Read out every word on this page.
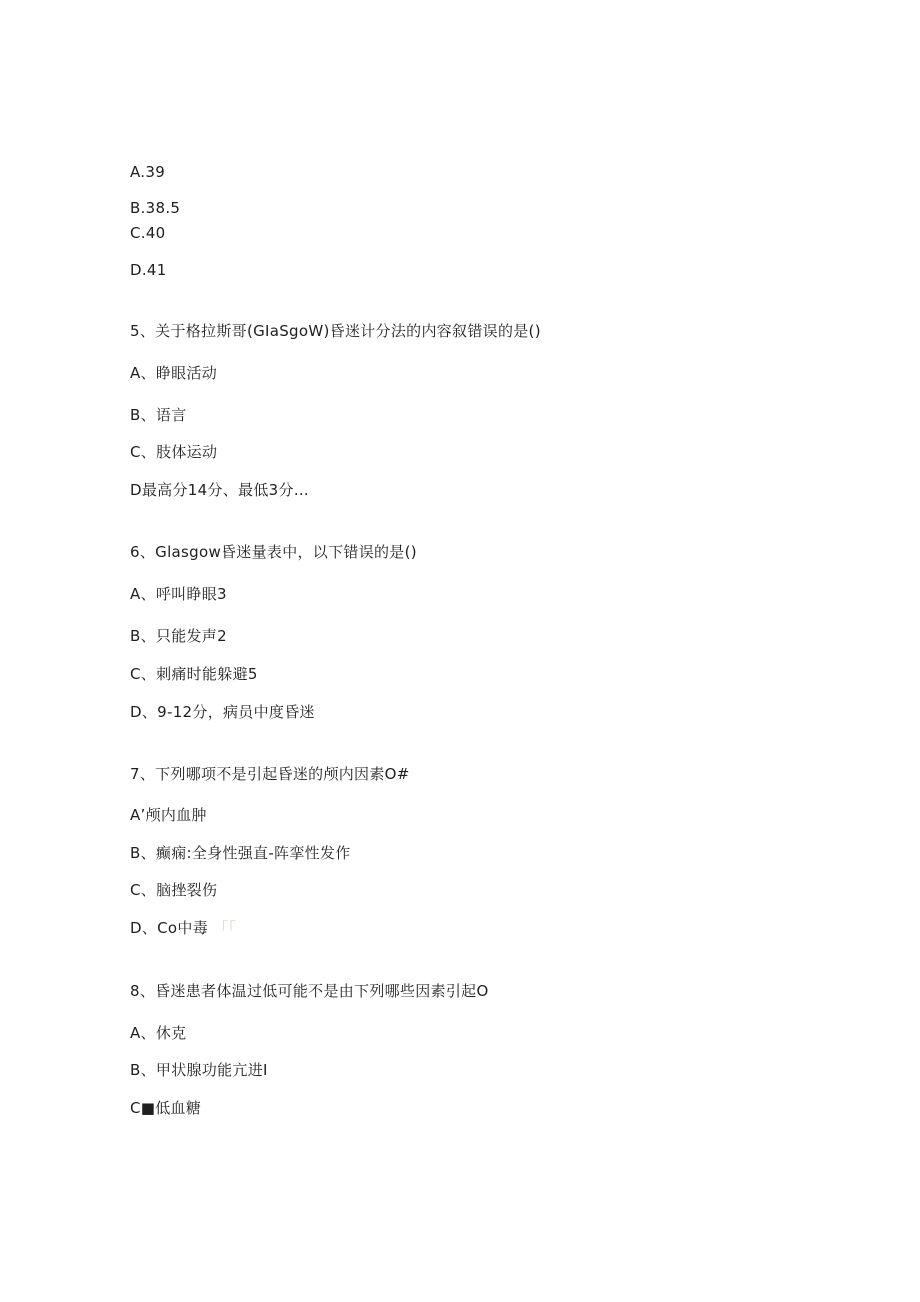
A.39
B.38.5
C.40
D.41
5、关于格拉斯哥(GIaSgoW)昏迷计分法的内容叙错误的是()
A、睁眼活动
B、语言
C、肢体运动
D最高分14分、最低3分…
6、Glasgow昏迷量表中，以下错误的是()
A、呼叫睁眼3
B、只能发声2
C、刺痛时能躲避5
D、9-12分，病员中度昏迷
7、下列哪项不是引起昏迷的颅内因素O#
A’颅内血肿
B、癫痫:全身性强直-阵挛性发作
C、脑挫裂伤
D、Co中毒 「「
8、昏迷患者体温过低可能不是由下列哪些因素引起O
A、休克
B、甲状腺功能亢进I
C■低血糖
